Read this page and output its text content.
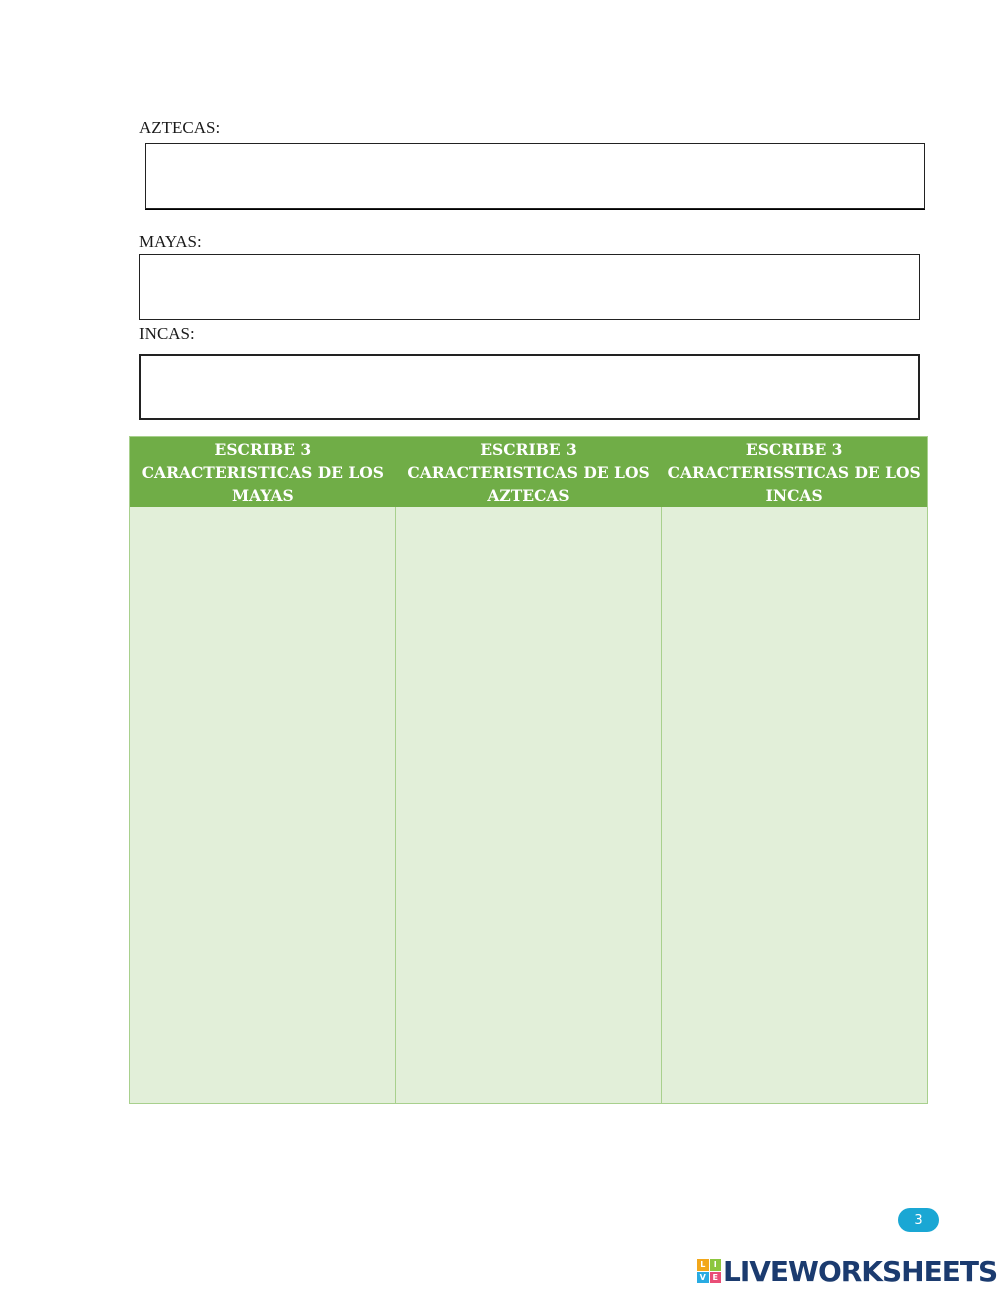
AZTECAS:
MAYAS:
INCAS:
ESCRIBE 3
CARACTERISTICAS DE LOS
MAYAS
ESCRIBE 3
CARACTERISTICAS DE LOS
AZTECAS
ESCRIBE 3
CARACTERISSTICAS DE LOS
INCAS
3
L	I
V E LIVEWORKSHEETS
